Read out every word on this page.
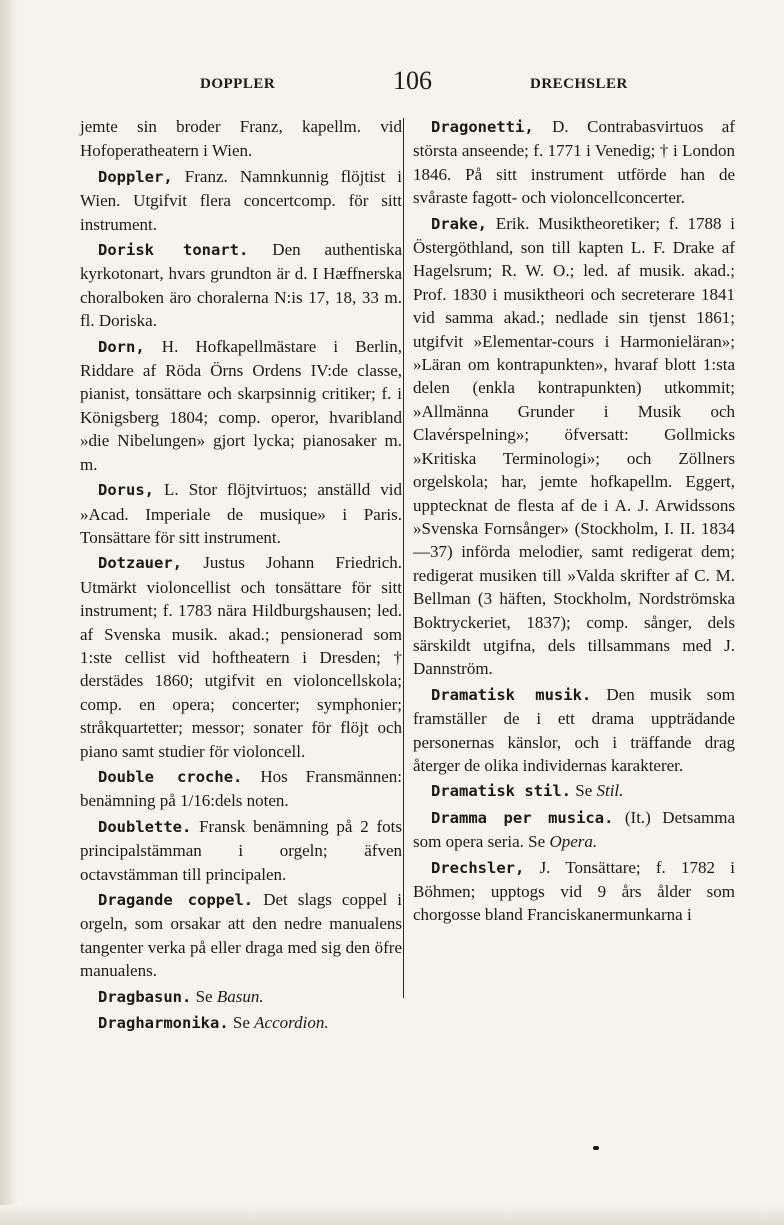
DOPPLER	106	DRECHSLER

jemte sin broder Franz, kapellm. vid Hofoperatheatern i Wien.

Doppler, Franz. Namnkunnig flöjtist i Wien. Utgifvit flera concertcomp. för sitt instrument.

Dorisk tonart. Den authentiska kyrkotonart, hvars grundton är d. I Hæffnerska choralboken äro choralerna N:is 17, 18, 33 m. fl. Doriska.

Dorn, H. Hofkapellmästare i Berlin, Riddare af Röda Örns Ordens IV:de classe, pianist, tonsättare och skarpsinnig critiker; f. i Königsberg 1804; comp. operor, hvaribland »die Nibelungen» gjort lycka; pianosaker m. m.

Dorus, L. Stor flöjtvirtuos; anställd vid »Acad. Imperiale de musique» i Paris. Tonsättare för sitt instrument.

Dotzauer, Justus Johann Friedrich. Utmärkt violoncellist och tonsättare för sitt instrument; f. 1783 nära Hildburgshausen; led. af Svenska musik. akad.; pensionerad som 1:ste cellist vid hoftheatern i Dresden; † derstädes 1860; utgifvit en violoncellskola; comp. en opera; concerter; symphonier; stråkquartetter; messor; sonater för flöjt och piano samt studier för violoncell.

Double croche. Hos Fransmännen: benämning på 1/16:dels noten.

Doublette. Fransk benämning på 2 fots principalstämman i orgeln; äfven octavstämman till principalen.

Dragande coppel. Det slags coppel i orgeln, som orsakar att den nedre manualens tangenter verka på eller draga med sig den öfre manualens.

Dragbasun. Se Basun.

Dragharmonika. Se Accordion.

Dragonetti, D. Contrabasvirtuos af största anseende; f. 1771 i Venedig; † i London 1846. På sitt instrument utförde han de svåraste fagott- och violoncellconcerter.

Drake, Erik. Musiktheoretiker; f. 1788 i Östergöthland, son till kapten L. F. Drake af Hagelsrum; R. W. O.; led. af musik. akad.; Prof. 1830 i musiktheori och secreterare 1841 vid samma akad.; nedlade sin tjenst 1861; utgifvit »Elementar-cours i Harmonieläran»; »Läran om kontrapunkten», hvaraf blott 1:sta delen (enkla kontrapunkten) utkommit; »Allmänna Grunder i Musik och Clavérspelning»; öfversatt: Gollmicks »Kritiska Terminologi»; och Zöllners orgelskola; har, jemte hofkapellm. Eggert, upptecknat de flesta af de i A. J. Arwidssons »Svenska Fornsånger» (Stockholm, I. II. 1834—37) införda melodier, samt redigerat dem; redigerat musiken till »Valda skrifter af C. M. Bellman (3 häften, Stockholm, Nordströmska Boktryckeriet, 1837); comp. sånger, dels särskildt utgifna, dels tillsammans med J. Dannström.

Dramatisk musik. Den musik som framställer de i ett drama uppträdande personernas känslor, och i träffande drag återger de olika individernas karakterer.

Dramatisk stil. Se Stil.

Dramma per musica. (It.) Detsamma som opera seria. Se Opera.

Drechsler, J. Tonsättare; f. 1782 i Böhmen; upptogs vid 9 års ålder som chorgosse bland Franciskanermunkarna i
